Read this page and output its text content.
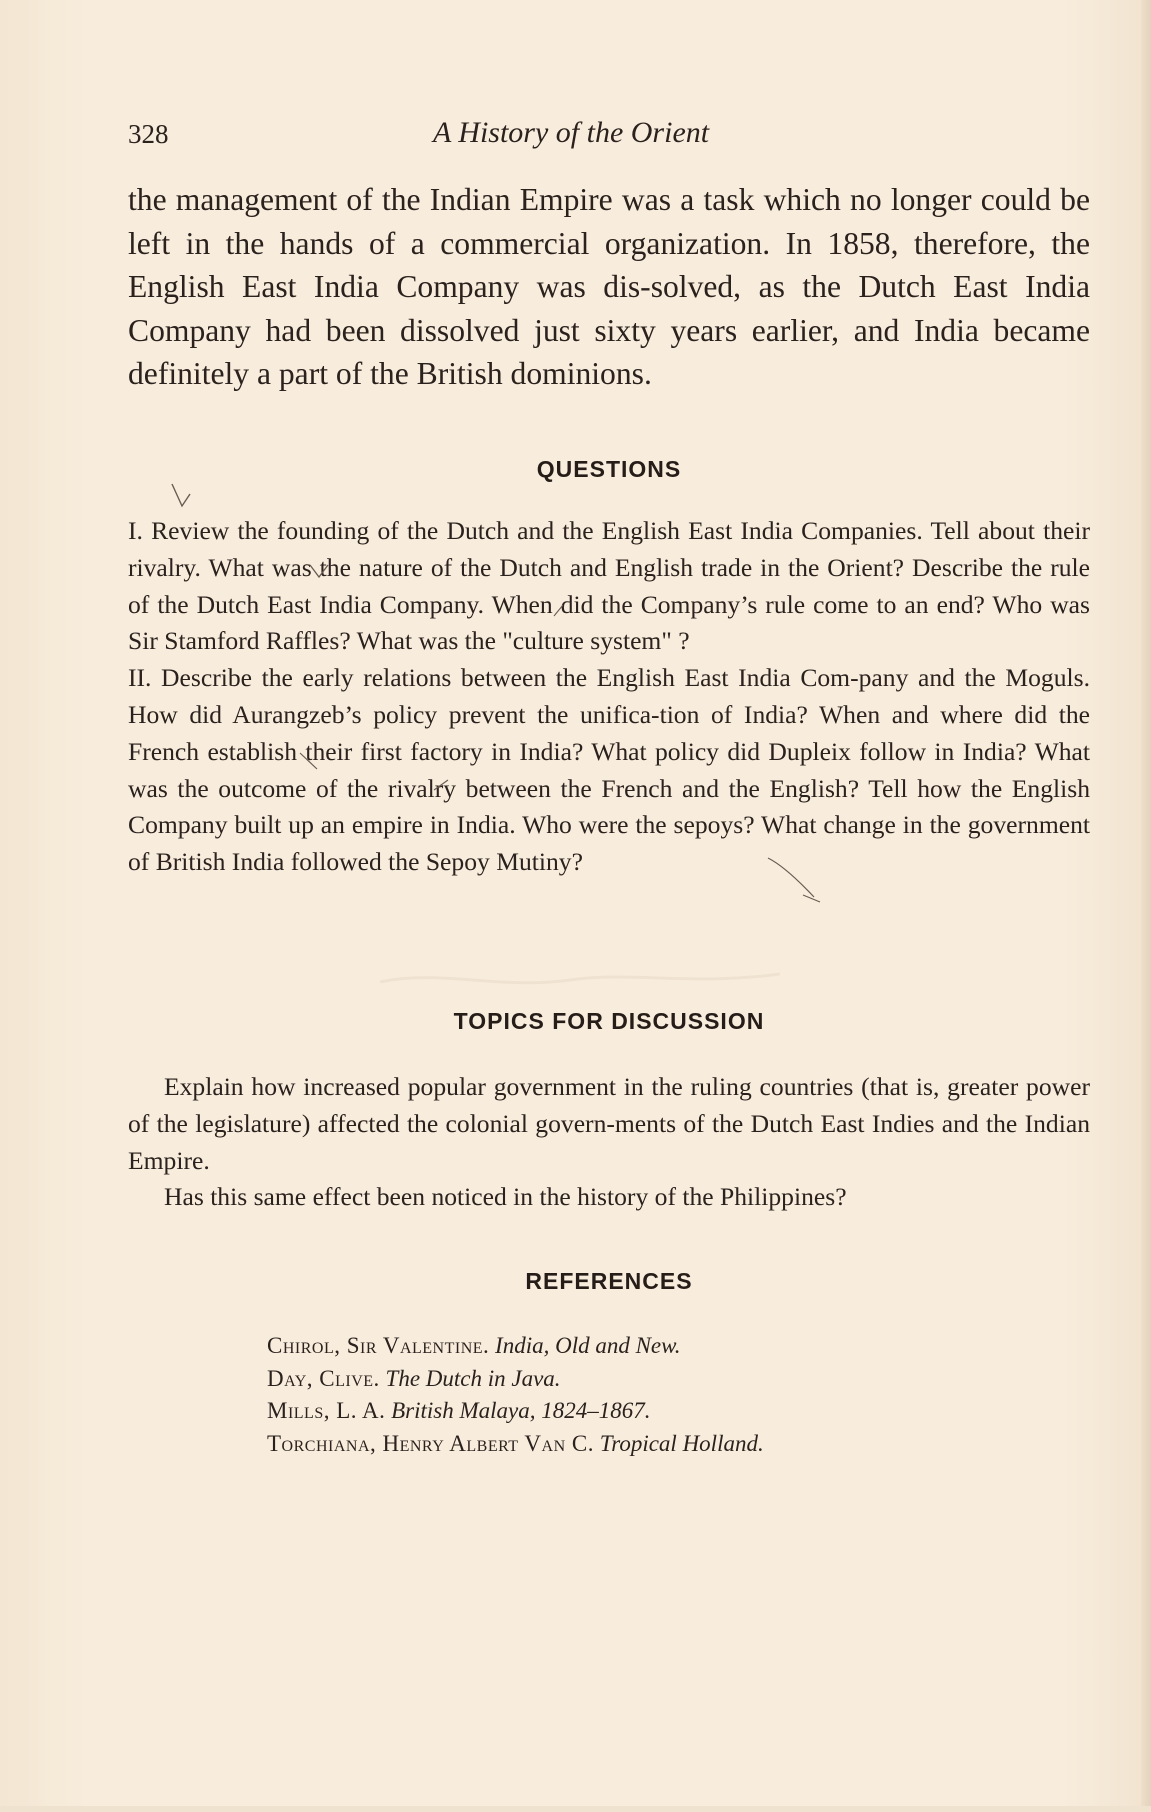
328	A History of the Orient
the management of the Indian Empire was a task which no longer could be left in the hands of a commercial organization. In 1858, therefore, the English East India Company was dis-solved, as the Dutch East India Company had been dissolved just sixty years earlier, and India became definitely a part of the British dominions.
QUESTIONS

I. Review the founding of the Dutch and the English East India Companies. Tell about their rivalry. What was the nature of the Dutch and English trade in the Orient? Describe the rule of the Dutch East India Company. When did the Company’s rule come to an end? Who was Sir Stamford Raffles? What was the "culture system" ?

II. Describe the early relations between the English East India Com-pany and the Moguls. How did Aurangzeb’s policy prevent the unifica-tion of India? When and where did the French establish their first factory in India? What policy did Dupleix follow in India? What was the outcome of the rivalry between the French and the English? Tell how the English Company built up an empire in India. Who were the sepoys? What change in the government of British India followed the Sepoy Mutiny?

TOPICS FOR DISCUSSION

Explain how increased popular government in the ruling countries (that is, greater power of the legislature) affected the colonial govern-ments of the Dutch East Indies and the Indian Empire.

Has this same effect been noticed in the history of the Philippines?

REFERENCES
Chirol, Sir Valentine. India, Old and New.
Day, Clive. The Dutch in Java.
Mills, L. A. British Malaya, 1824–1867.
Torchiana, Henry Albert Van C. Tropical Holland.
